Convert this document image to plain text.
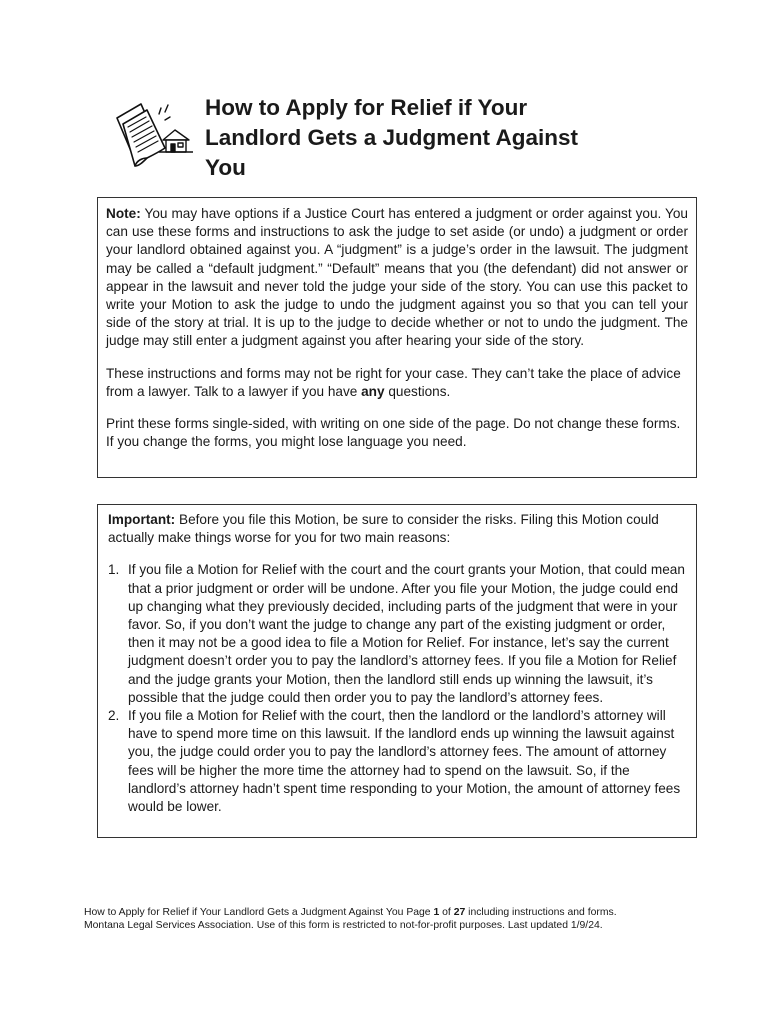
How to Apply for Relief if Your
Landlord Gets a Judgment Against
You

Note: You may have options if a Justice Court has entered a judgment or order against you. You can use these forms and instructions to ask the judge to set aside (or undo) a judgment or order your landlord obtained against you. A “judgment” is a judge’s order in the lawsuit. The judgment may be called a “default judgment.” “Default” means that you (the defendant) did not answer or appear in the lawsuit and never told the judge your side of the story. You can use this packet to write your Motion to ask the judge to undo the judgment against you so that you can tell your side of the story at trial. It is up to the judge to decide whether or not to undo the judgment. The judge may still enter a judgment against you after hearing your side of the story.

These instructions and forms may not be right for your case. They can’t take the place of advice from a lawyer. Talk to a lawyer if you have any questions.

Print these forms single-sided, with writing on one side of the page. Do not change these forms. If you change the forms, you might lose language you need.

Important: Before you file this Motion, be sure to consider the risks. Filing this Motion could actually make things worse for you for two main reasons:

1. If you file a Motion for Relief with the court and the court grants your Motion, that could mean that a prior judgment or order will be undone. After you file your Motion, the judge could end up changing what they previously decided, including parts of the judgment that were in your favor. So, if you don’t want the judge to change any part of the existing judgment or order, then it may not be a good idea to file a Motion for Relief. For instance, let’s say the current judgment doesn’t order you to pay the landlord’s attorney fees. If you file a Motion for Relief and the judge grants your Motion, then the landlord still ends up winning the lawsuit, it’s possible that the judge could then order you to pay the landlord’s attorney fees.
2. If you file a Motion for Relief with the court, then the landlord or the landlord’s attorney will have to spend more time on this lawsuit. If the landlord ends up winning the lawsuit against you, the judge could order you to pay the landlord’s attorney fees. The amount of attorney fees will be higher the more time the attorney had to spend on the lawsuit. So, if the landlord’s attorney hadn’t spent time responding to your Motion, the amount of attorney fees would be lower.
How to Apply for Relief if Your Landlord Gets a Judgment Against You Page 1 of 27 including instructions and forms.
Montana Legal Services Association. Use of this form is restricted to not-for-profit purposes. Last updated 1/9/24.
